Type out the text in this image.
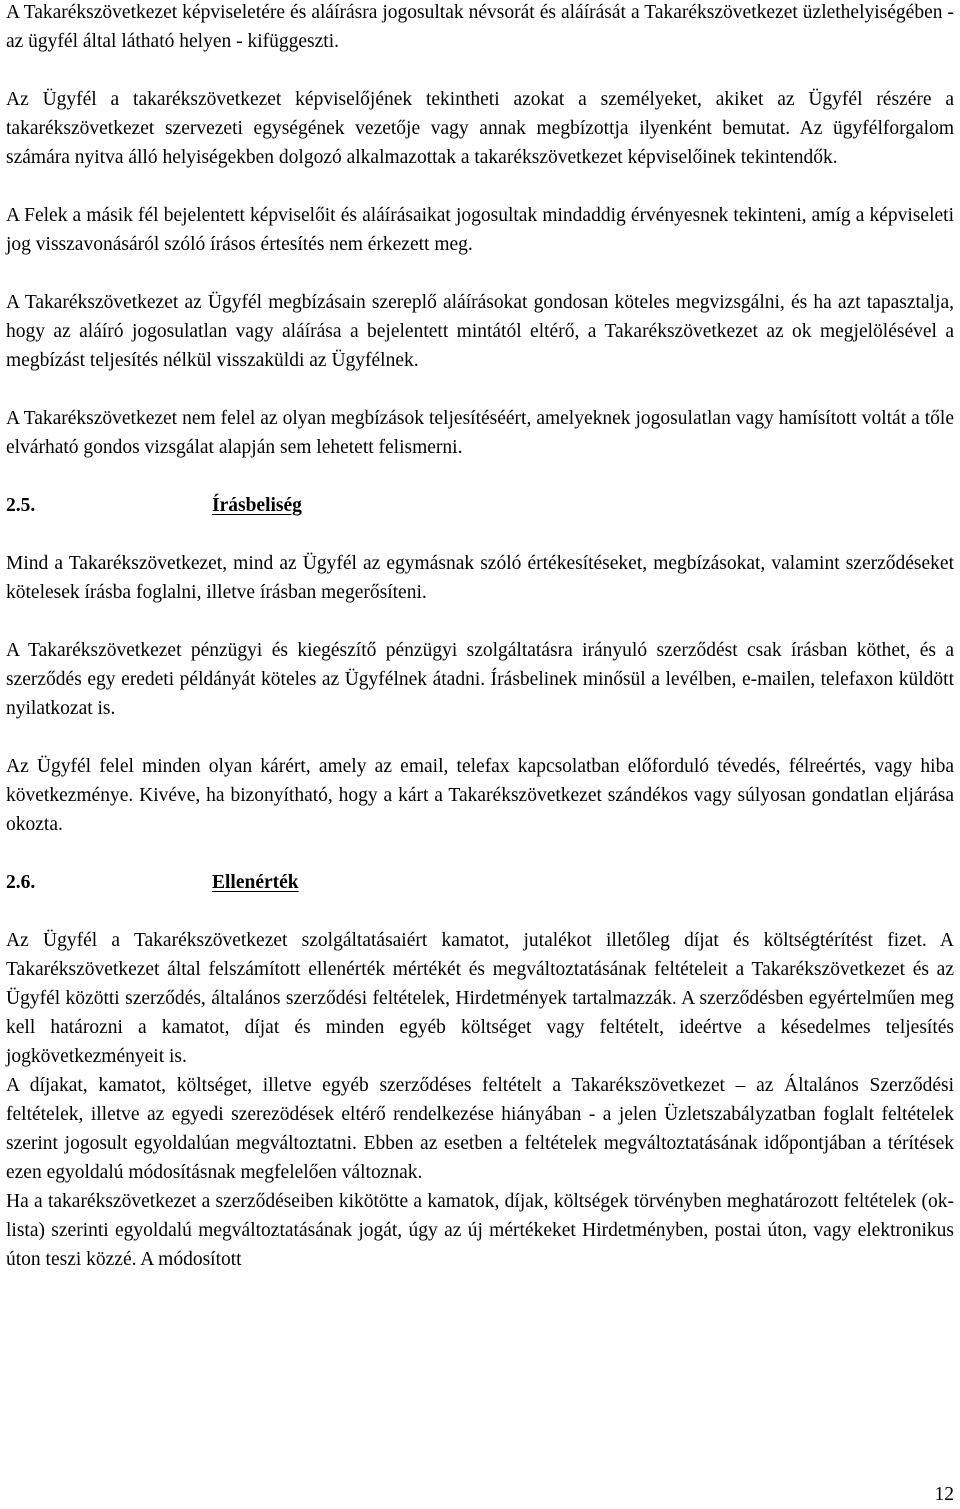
A Takarékszövetkezet képviseletére és aláírásra jogosultak névsorát és aláírását a Takarékszövetkezet üzlethelyiségében - az ügyfél által látható helyen - kifüggeszti.

Az Ügyfél a takarékszövetkezet képviselőjének tekintheti azokat a személyeket, akiket az Ügyfél részére a takarékszövetkezet szervezeti egységének vezetője vagy annak megbízottja ilyenként bemutat. Az ügyfélforgalom számára nyitva álló helyiségekben dolgozó alkalmazottak a takarékszövetkezet képviselőinek tekintendők.

A Felek a másik fél bejelentett képviselőit és aláírásaikat jogosultak mindaddig érvényesnek tekinteni, amíg a képviseleti jog visszavonásáról szóló írásos értesítés nem érkezett meg.

A Takarékszövetkezet az Ügyfél megbízásain szereplő aláírásokat gondosan köteles megvizsgálni, és ha azt tapasztalja, hogy az aláíró jogosulatlan vagy aláírása a bejelentett mintától eltérő, a Takarékszövetkezet az ok megjelölésével a megbízást teljesítés nélkül visszaküldi az Ügyfélnek.

A Takarékszövetkezet nem felel az olyan megbízások teljesítéséért, amelyeknek jogosulatlan vagy hamísított voltát a tőle elvárható gondos vizsgálat alapján sem lehetett felismerni.

2.5.	Írásbeliség

Mind a Takarékszövetkezet, mind az Ügyfél az egymásnak szóló értékesítéseket, megbízásokat, valamint szerződéseket kötelesek írásba foglalni, illetve írásban megerősíteni.

A Takarékszövetkezet pénzügyi és kiegészítő pénzügyi szolgáltatásra irányuló szerződést csak írásban köthet, és a szerződés egy eredeti példányát köteles az Ügyfélnek átadni. Írásbelinek minősül a levélben, e-mailen, telefaxon küldött nyilatkozat is.

Az Ügyfél felel minden olyan kárért, amely az email, telefax kapcsolatban előforduló tévedés, félreértés, vagy hiba következménye. Kivéve, ha bizonyítható, hogy a kárt a Takarékszövetkezet szándékos vagy súlyosan gondatlan eljárása okozta.

2.6.	Ellenérték

Az Ügyfél a Takarékszövetkezet szolgáltatásaiért kamatot, jutalékot illetőleg díjat és költségtérítést fizet. A Takarékszövetkezet által felszámított ellenérték mértékét és megváltoztatásának feltételeit a Takarékszövetkezet és az Ügyfél közötti szerződés, általános szerződési feltételek, Hirdetmények tartalmazzák. A szerződésben egyértelműen meg kell határozni a kamatot, díjat és minden egyéb költséget vagy feltételt, ideértve a késedelmes teljesítés jogkövetkezményeit is.

A díjakat, kamatot, költséget, illetve egyéb szerződéses feltételt a Takarékszövetkezet – az Általános Szerződési feltételek, illetve az egyedi szerezödések eltérő rendelkezése hiányában - a jelen Üzletszabályzatban foglalt feltételek szerint jogosult egyoldalúan megváltoztatni. Ebben az esetben a feltételek megváltoztatásának időpontjában a térítések ezen egyoldalú módosításnak megfelelően változnak.

Ha a takarékszövetkezet a szerződéseiben kikötötte a kamatok, díjak, költségek törvényben meghatározott feltételek (ok-lista) szerinti egyoldalú megváltoztatásának jogát, úgy az új mértékeket Hirdetményben, postai úton, vagy elektronikus úton teszi közzé. A módosított

12
